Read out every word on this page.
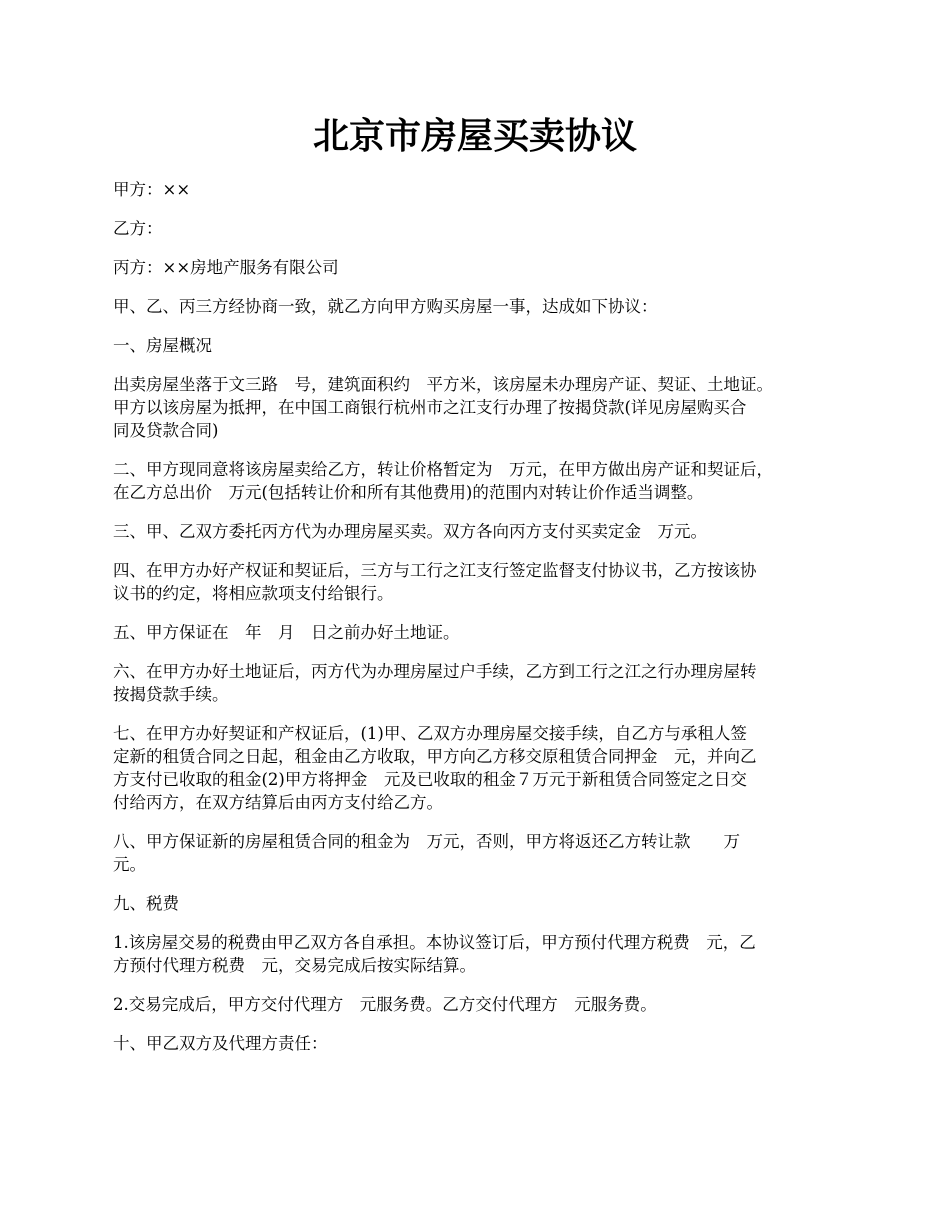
北京市房屋买卖协议

甲方：××

乙方：

丙方：××房地产服务有限公司

甲、乙、丙三方经协商一致，就乙方向甲方购买房屋一事，达成如下协议：

一、房屋概况

出卖房屋坐落于文三路　号，建筑面积约　平方米，该房屋未办理房产证、契证、土地证。
甲方以该房屋为抵押，在中国工商银行杭州市之江支行办理了按揭贷款(详见房屋购买合
同及贷款合同)

二、甲方现同意将该房屋卖给乙方，转让价格暂定为　万元，在甲方做出房产证和契证后，
在乙方总出价　万元(包括转让价和所有其他费用)的范围内对转让价作适当调整。

三、甲、乙双方委托丙方代为办理房屋买卖。双方各向丙方支付买卖定金　万元。

四、在甲方办好产权证和契证后，三方与工行之江支行签定监督支付协议书，乙方按该协
议书的约定，将相应款项支付给银行。

五、甲方保证在　年　月　日之前办好土地证。

六、在甲方办好土地证后，丙方代为办理房屋过户手续，乙方到工行之江之行办理房屋转
按揭贷款手续。

七、在甲方办好契证和产权证后，(1)甲、乙双方办理房屋交接手续，自乙方与承租人签
定新的租赁合同之日起，租金由乙方收取，甲方向乙方移交原租赁合同押金　元，并向乙
方支付已收取的租金(2)甲方将押金　元及已收取的租金７万元于新租赁合同签定之日交
付给丙方，在双方结算后由丙方支付给乙方。

八、甲方保证新的房屋租赁合同的租金为　万元，否则，甲方将返还乙方转让款　　万
元。

九、税费

1.该房屋交易的税费由甲乙双方各自承担。本协议签订后，甲方预付代理方税费　元，乙
方预付代理方税费　元，交易完成后按实际结算。

2.交易完成后，甲方交付代理方　元服务费。乙方交付代理方　元服务费。

十、甲乙双方及代理方责任：
